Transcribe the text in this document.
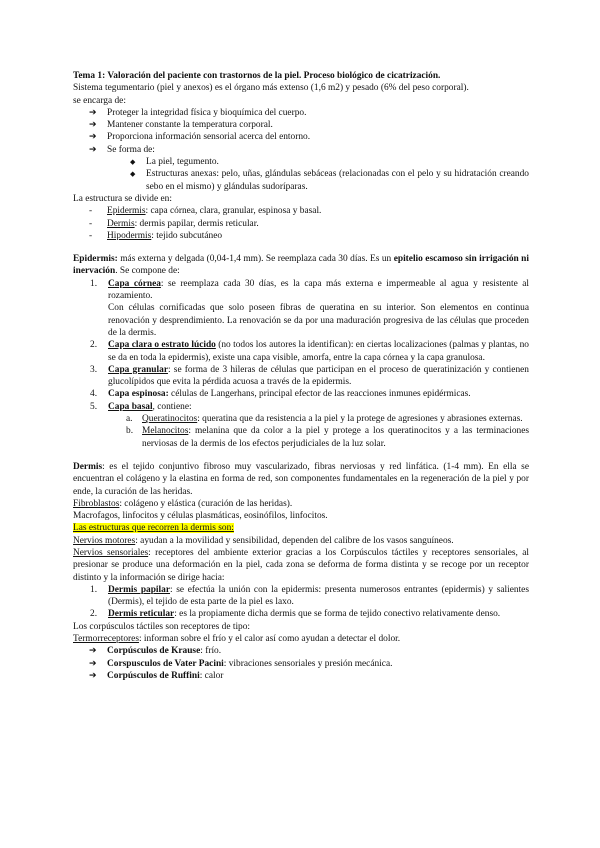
Tema 1: Valoración del paciente con trastornos de la piel. Proceso biológico de cicatrización.

Sistema tegumentario (piel y anexos) es el órgano más extenso (1,6 m2) y pesado (6% del peso corporal).

se encarga de:

➔	Proteger la integridad física y bioquímica del cuerpo.
➔	Mantener constante la temperatura corporal.
➔	Proporciona información sensorial acerca del entorno.
➔	Se forma de:
◆	La piel, tegumento.
◆	Estructuras anexas: pelo, uñas, glándulas sebáceas (relacionadas con el pelo y su hidratación creando sebo en el mismo) y glándulas sudoríparas.

La estructura se divide en:

-	Epidermis: capa córnea, clara, granular, espinosa y basal.
-	Dermis: dermis papilar, dermis reticular.
-	Hipodermis: tejido subcutáneo

Epidermis: más externa y delgada (0,04-1,4 mm). Se reemplaza cada 30 días. Es un epitelio escamoso sin irrigación ni inervación. Se compone de:

1.	Capa córnea: se reemplaza cada 30 días, es la capa más externa e impermeable al agua y resistente al rozamiento.

Con células cornificadas que solo poseen fibras de queratina en su interior. Son elementos en continua renovación y desprendimiento. La renovación se da por una maduración progresiva de las células que proceden de la dermis.

2.	Capa clara o estrato lúcido (no todos los autores la identifican): en ciertas localizaciones (palmas y plantas, no se da en toda la epidermis), existe una capa visible, amorfa, entre la capa córnea y la capa granulosa.
3.	Capa granular: se forma de 3 hileras de células que participan en el proceso de queratinización y contienen glucolípidos que evita la pérdida acuosa a través de la epidermis.
4.	Capa espinosa: células de Langerhans, principal efector de las reacciones inmunes epidérmicas.
5.	Capa basal, contiene:
a.	Queratinocitos: queratina que da resistencia a la piel y la protege de agresiones y abrasiones externas.
b. Melanocitos: melanina que da color a la piel y protege a los queratinocitos y a las terminaciones nerviosas de la dermis de los efectos perjudiciales de la luz solar.

Dermis: es el tejido conjuntivo fibroso muy vascularizado, fibras nerviosas y red linfática. (1-4 mm). En ella se encuentran el colágeno y la elastina en forma de red, son componentes fundamentales en la regeneración de la piel y por ende, la curación de las heridas.

Fibroblastos: colágeno y elástica (curación de las heridas).

Macrofagos, linfocitos y células plasmáticas, eosinófilos, linfocitos.

Las estructuras que recorren la dermis son:

Nervios motores: ayudan a la movilidad y sensibilidad, dependen del calibre de los vasos sanguíneos.

Nervios sensoriales: receptores del ambiente exterior gracias a los Corpúsculos táctiles y receptores sensoriales, al presionar se produce una deformación en la piel, cada zona se deforma de forma distinta y se recoge por un receptor distinto y la información se dirige hacia:

1.	Dermis papilar: se efectúa la unión con la epidermis: presenta numerosos entrantes (epidermis) y salientes (Dermis), el tejido de esta parte de la piel es laxo.
2.	Dermis reticular: es la propiamente dicha dermis que se forma de tejido conectivo relativamente denso.

Los corpúsculos táctiles son receptores de tipo:

Termorreceptores: informan sobre el frío y el calor así como ayudan a detectar el dolor.

➔	Corpúsculos de Krause: frío.
➔	Corspusculos de Vater Pacini: vibraciones sensoriales y presión mecánica.
➔	Corpúsculos de Ruffini: calor
